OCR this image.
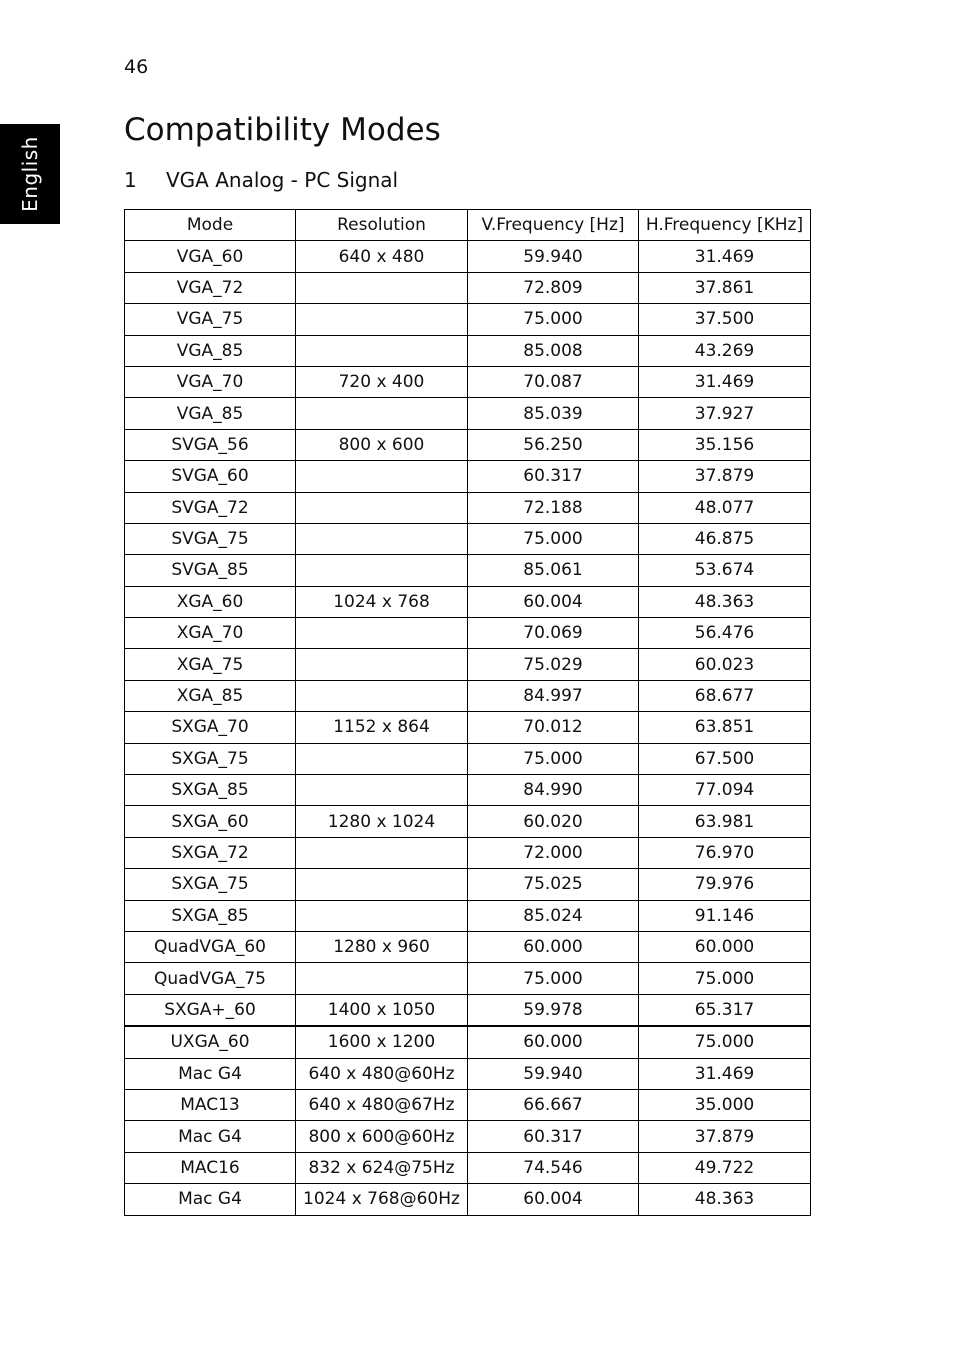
46
English
Compatibility Modes
1 VGA Analog - PC Signal
Mode	Resolution	V.Frequency [Hz]	H.Frequency [KHz]
VGA_60	640 x 480	59.940	31.469
VGA_72		72.809	37.861
VGA_75		75.000	37.500
VGA_85		85.008	43.269
VGA_70	720 x 400	70.087	31.469
VGA_85		85.039	37.927
SVGA_56	800 x 600	56.250	35.156
SVGA_60		60.317	37.879
SVGA_72		72.188	48.077
SVGA_75		75.000	46.875
SVGA_85		85.061	53.674
XGA_60	1024 x 768	60.004	48.363
XGA_70		70.069	56.476
XGA_75		75.029	60.023
XGA_85		84.997	68.677
SXGA_70	1152 x 864	70.012	63.851
SXGA_75		75.000	67.500
SXGA_85		84.990	77.094
SXGA_60	1280 x 1024	60.020	63.981
SXGA_72		72.000	76.970
SXGA_75		75.025	79.976
SXGA_85		85.024	91.146
QuadVGA_60	1280 x 960	60.000	60.000
QuadVGA_75		75.000	75.000
SXGA+_60	1400 x 1050	59.978	65.317
UXGA_60	1600 x 1200	60.000	75.000
Mac G4	640 x 480@60Hz	59.940	31.469
MAC13	640 x 480@67Hz	66.667	35.000
Mac G4	800 x 600@60Hz	60.317	37.879
MAC16	832 x 624@75Hz	74.546	49.722
Mac G4	1024 x 768@60Hz	60.004	48.363
